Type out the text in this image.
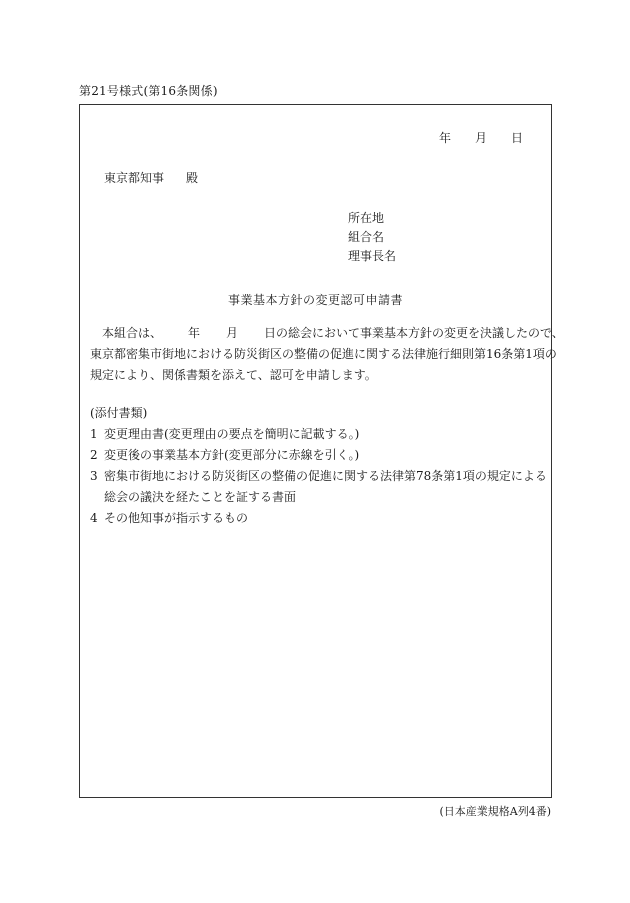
第21号様式(第16条関係)
年 月 日
東京都知事 殿
所在地
組合名
理事長名
事業基本方針の変更認可申請書
本組合は、 年 月 日の総会において事業基本方針の変更を決議したので、
東京都密集市街地における防災街区の整備の促進に関する法律施行細則第16条第1項の
規定により、関係書類を添えて、認可を申請します。
(添付書類)
1 変更理由書(変更理由の要点を簡明に記載する。)
2 変更後の事業基本方針(変更部分に赤線を引く。)
3 密集市街地における防災街区の整備の促進に関する法律第78条第1項の規定による
総会の議決を経たことを証する書面
4 その他知事が指示するもの
(日本産業規格A列4番)
